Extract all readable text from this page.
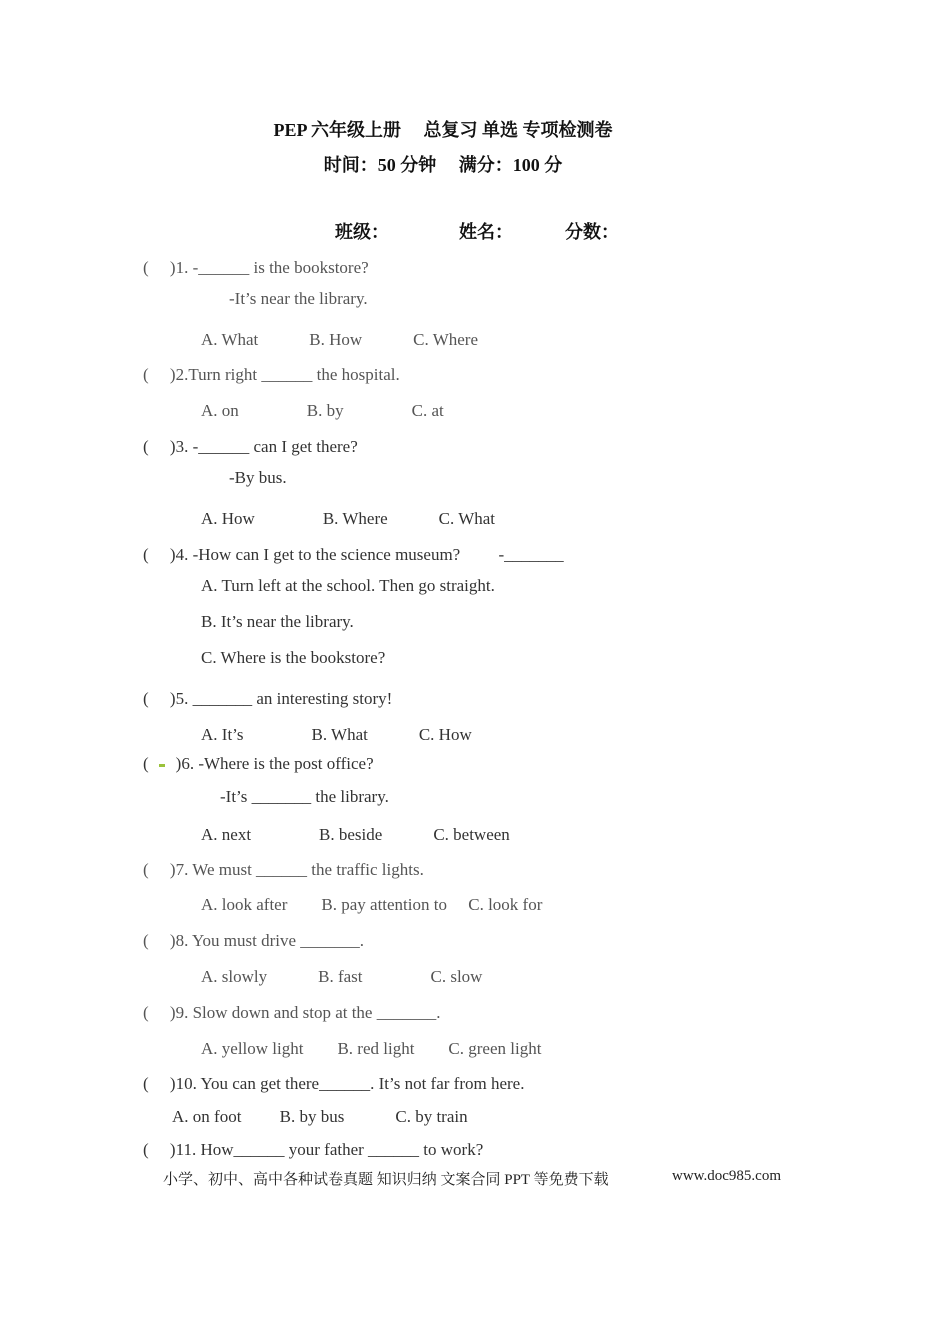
PEP 六年级上册　 总复习 单选 专项检测卷
时间：50 分钟　 满分：100 分
班级：	姓名：	分数：
(　 )1. -______ is the bookstore?
-It’s near the library.
A. What　　　B. How　　　C. Where
(　 )2.Turn right ______ the hospital.
A. on　　　　B. by　　　　C. at
(　 )3. -______ can I get there?
-By bus.
A. How　　　　B. Where　　　C. What
(　 )4. -How can I get to the science museum?　　 -_______
A. Turn left at the school. Then go straight.
B. It’s near the library.
C. Where is the bookstore?
(　 )5. _______ an interesting story!
A. It’s　　　　B. What　　　C. How
( )6. -Where is the post office?
-It’s _______ the library.
A. next　　　　B. beside　　　C. between
(　 )7. We must ______ the traffic lights.
A. look after　　B. pay attention to　 C. look for
(　 )8. You must drive _______.
A. slowly　　　B. fast　　　　C. slow
(　 )9. Slow down and stop at the _______.
A. yellow light　　B. red light　　C. green light
(　 )10. You can get there______. It’s not far from here.
A. on foot　　 B. by bus　　　C. by train
(　 )11. How______ your father ______ to work?
小学、初中、高中各种试卷真题 知识归纳 文案合同 PPT 等免费下载	www.doc985.com
